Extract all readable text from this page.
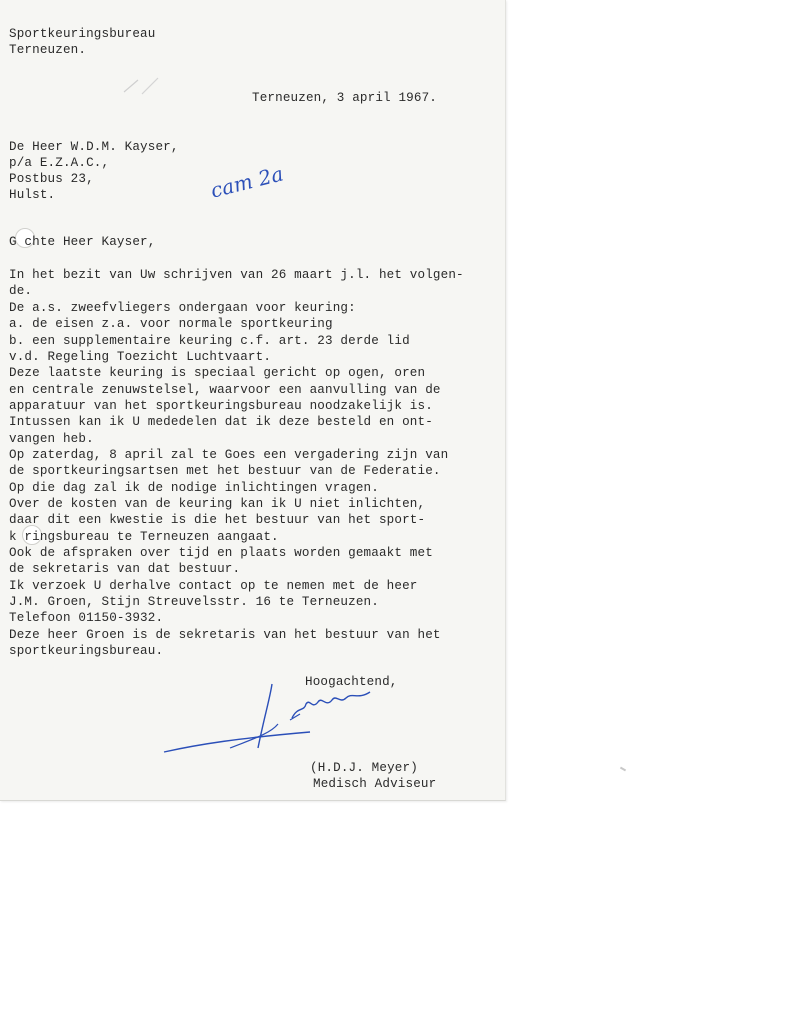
Sportkeuringsbureau
Terneuzen.
Terneuzen, 3 april 1967.
De Heer W.D.M. Kayser,
p/a E.Z.A.C.,
Postbus 23,
Hulst.	cam 2a
G chte Heer Kayser,
In het bezit van Uw schrijven van 26 maart j.l. het volgen-
de.
De a.s. zweefvliegers ondergaan voor keuring:
a. de eisen z.a. voor normale sportkeuring
b. een supplementaire keuring c.f. art. 23 derde lid
v.d. Regeling Toezicht Luchtvaart.
Deze laatste keuring is speciaal gericht op ogen, oren
en centrale zenuwstelsel, waarvoor een aanvulling van de
apparatuur van het sportkeuringsbureau noodzakelijk is.
Intussen kan ik U mededelen dat ik deze besteld en ont-
vangen heb.
Op zaterdag, 8 april zal te Goes een vergadering zijn van
de sportkeuringsartsen met het bestuur van de Federatie.
Op die dag zal ik de nodige inlichtingen vragen.
Over de kosten van de keuring kan ik U niet inlichten,
daar dit een kwestie is die het bestuur van het sport-
k ringsbureau te Terneuzen aangaat.
Ook de afspraken over tijd en plaats worden gemaakt met
de sekretaris van dat bestuur.
Ik verzoek U derhalve contact op te nemen met de heer
J.M. Groen, Stijn Streuvelsstr. 16 te Terneuzen.
Telefoon 01150-3932.
Deze heer Groen is de sekretaris van het bestuur van het
sportkeuringsbureau.
Hoogachtend,
(H.D.J. Meyer)
Medisch Adviseur
